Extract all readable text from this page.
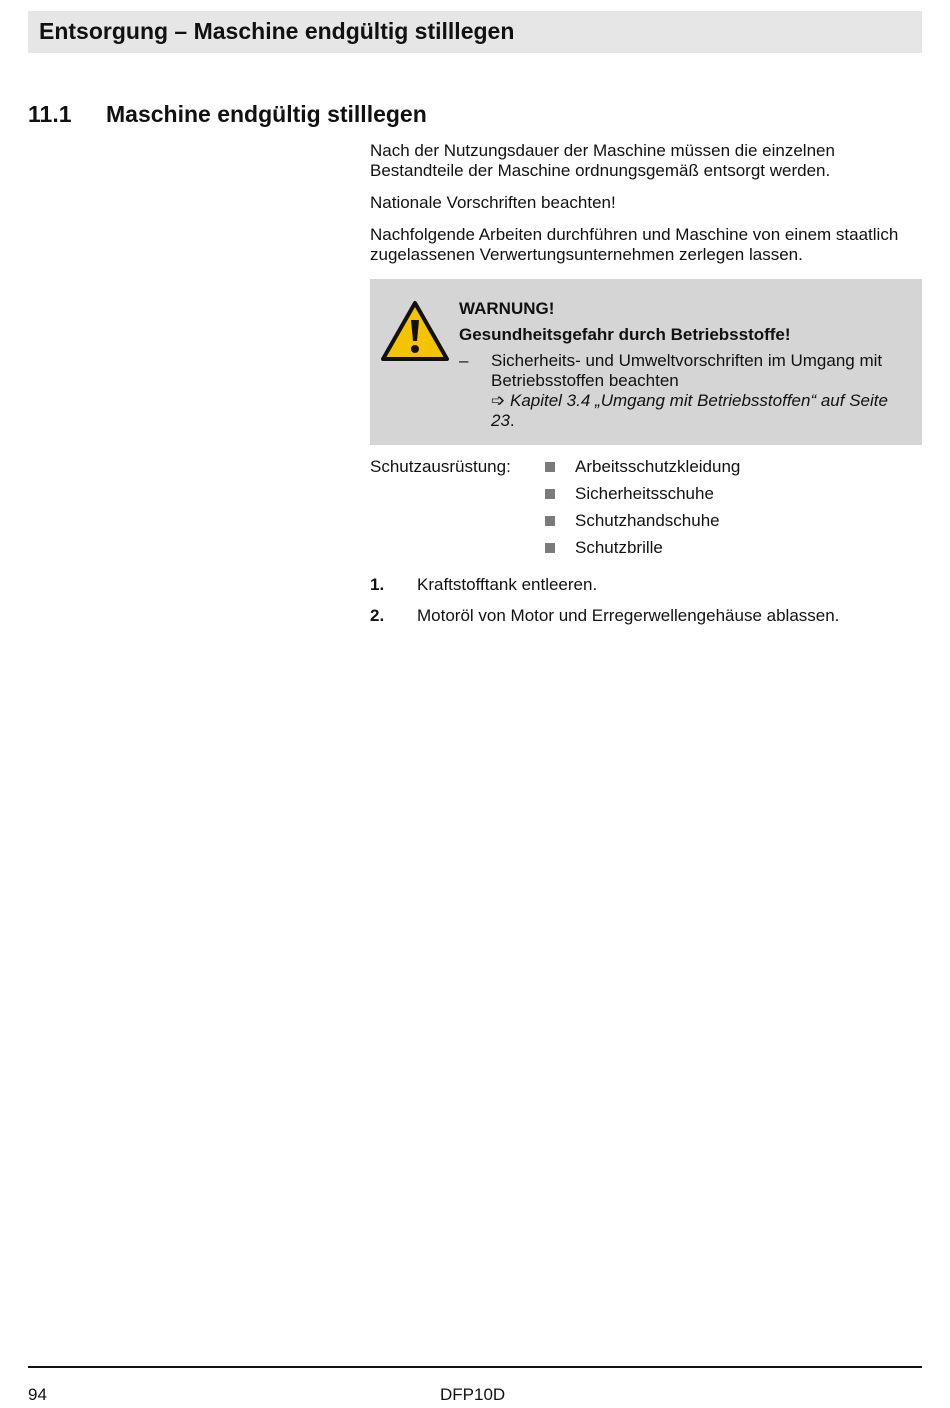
Entsorgung – Maschine endgültig stilllegen
11.1 Maschine endgültig stilllegen

Nach der Nutzungsdauer der Maschine müssen die einzelnen Bestandteile der Maschine ordnungsgemäß entsorgt werden.

Nationale Vorschriften beachten!

Nachfolgende Arbeiten durchführen und Maschine von einem staatlich zugelassenen Verwertungsunternehmen zerlegen lassen.

WARNUNG!
Gesundheitsgefahr durch Betriebsstoffe!
– Sicherheits- und Umweltvorschriften im Umgang mit Betriebsstoffen beachten
➩ Kapitel 3.4 „Umgang mit Betriebsstoffen“ auf Seite 23.
Schutzausrüstung:	Arbeitsschutzkleidung
Sicherheitsschuhe
Schutzhandschuhe
Schutzbrille
1. Kraftstofftank entleeren.
2. Motoröl von Motor und Erregerwellengehäuse ablassen.
94	DFP10D
